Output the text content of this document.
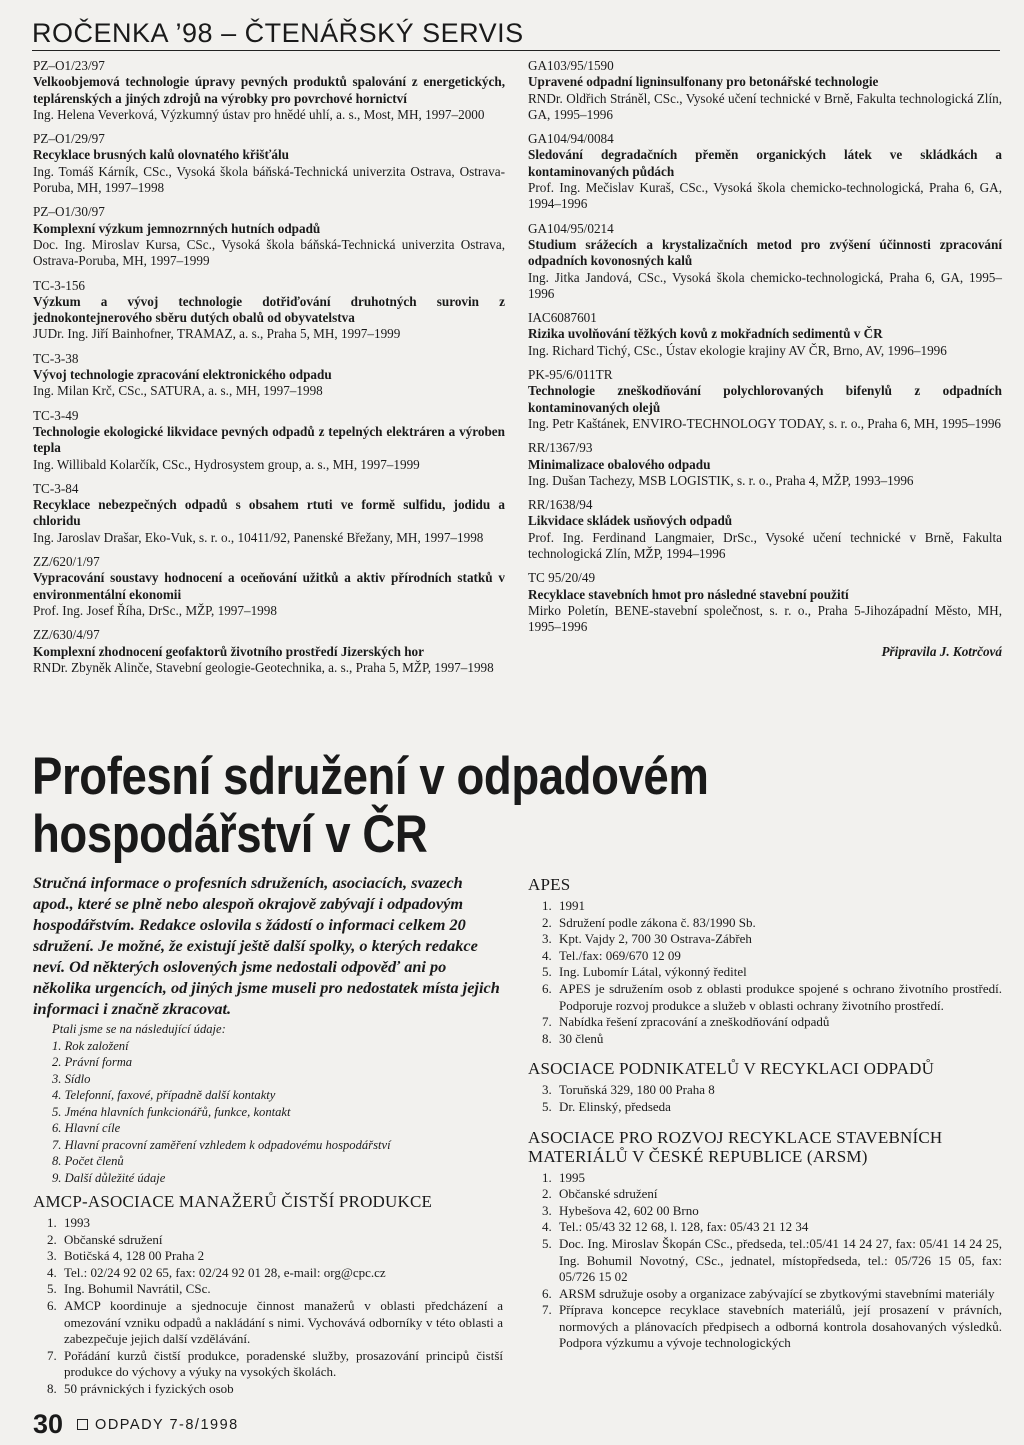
ROČENKA ’98 – ČTENÁŘSKÝ SERVIS
PZ–O1/23/97
Velkoobjemová technologie úpravy pevných produktů spalování z energetických, teplárenských a jiných zdrojů na výrobky pro povrchové hornictví
Ing. Helena Veverková, Výzkumný ústav pro hnědé uhlí, a. s., Most, MH, 1997–2000
PZ–O1/29/97
Recyklace brusných kalů olovnatého křišťálu
Ing. Tomáš Kárník, CSc., Vysoká škola báňská-Technická univerzita Ostrava, Ostrava-Poruba, MH, 1997–1998
PZ–O1/30/97
Komplexní výzkum jemnozrnných hutních odpadů
Doc. Ing. Miroslav Kursa, CSc., Vysoká škola báňská-Technická univerzita Ostrava, Ostrava-Poruba, MH, 1997–1999
TC-3-156
Výzkum a vývoj technologie dotřiďování druhotných surovin z jednokontejnerového sběru dutých obalů od obyvatelstva
JUDr. Ing. Jiří Bainhofner, TRAMAZ, a. s., Praha 5, MH, 1997–1999
TC-3-38
Vývoj technologie zpracování elektronického odpadu
Ing. Milan Krč, CSc., SATURA, a. s., MH, 1997–1998
TC-3-49
Technologie ekologické likvidace pevných odpadů z tepelných elektráren a výroben tepla
Ing. Willibald Kolarčík, CSc., Hydrosystem group, a. s., MH, 1997–1999
TC-3-84
Recyklace nebezpečných odpadů s obsahem rtuti ve formě sulfidu, jodidu a chloridu
Ing. Jaroslav Drašar, Eko-Vuk, s. r. o., 10411/92, Panenské Břežany, MH, 1997–1998
ZZ/620/1/97
Vypracování soustavy hodnocení a oceňování užitků a aktiv přírodních statků v environmentální ekonomii
Prof. Ing. Josef Říha, DrSc., MŽP, 1997–1998
ZZ/630/4/97
Komplexní zhodnocení geofaktorů životního prostředí Jizerských hor
RNDr. Zbyněk Alinče, Stavební geologie-Geotechnika, a. s., Praha 5, MŽP, 1997–1998
GA103/95/1590
Upravené odpadní ligninsulfonany pro betonářské technologie
RNDr. Oldřich Stráněl, CSc., Vysoké učení technické v Brně, Fakulta technologická Zlín, GA, 1995–1996
GA104/94/0084
Sledování degradačních přeměn organických látek ve skládkách a kontaminovaných půdách
Prof. Ing. Mečislav Kuraš, CSc., Vysoká škola chemicko-technologická, Praha 6, GA, 1994–1996
GA104/95/0214
Studium srážecích a krystalizačních metod pro zvýšení účinnosti zpracování odpadních kovonosných kalů
Ing. Jitka Jandová, CSc., Vysoká škola chemicko-technologická, Praha 6, GA, 1995–1996
IAC6087601
Rizika uvolňování těžkých kovů z mokřadních sedimentů v ČR
Ing. Richard Tichý, CSc., Ústav ekologie krajiny AV ČR, Brno, AV, 1996–1996
PK-95/6/011TR
Technologie zneškodňování polychlorovaných bifenylů z odpadních kontaminovaných olejů
Ing. Petr Kaštánek, ENVIRO-TECHNOLOGY TODAY, s. r. o., Praha 6, MH, 1995–1996
RR/1367/93
Minimalizace obalového odpadu
Ing. Dušan Tachezy, MSB LOGISTIK, s. r. o., Praha 4, MŽP, 1993–1996
RR/1638/94
Likvidace skládek usňových odpadů
Prof. Ing. Ferdinand Langmaier, DrSc., Vysoké učení technické v Brně, Fakulta technologická Zlín, MŽP, 1994–1996
TC 95/20/49
Recyklace stavebních hmot pro následné stavební použití
Mirko Poletín, BENE-stavební společnost, s. r. o., Praha 5-Jihozápadní Město, MH, 1995–1996
Připravila J. Kotrčová
Profesní sdružení v odpadovém
hospodářství v ČR
Stručná informace o profesních sdruženích, asociacích, svazech apod., které se plně nebo alespoň okrajově zabývají i odpadovým hospodářstvím. Redakce oslovila s žádostí o informaci celkem 20 sdružení. Je možné, že existují ještě další spolky, o kterých redakce neví. Od některých oslovených jsme nedostali odpověď ani po několika urgencích, od jiných jsme museli pro nedostatek místa jejich informaci i značně zkracovat.
Ptali jsme se na následující údaje:
1. Rok založení
2. Právní forma
3. Sídlo
4. Telefonní, faxové, případně další kontakty
5. Jména hlavních funkcionářů, funkce, kontakt
6. Hlavní cíle
7. Hlavní pracovní zaměření vzhledem k odpadovému hospodářství
8. Počet členů
9. Další důležité údaje
AMCP-ASOCIACE MANAŽERŮ ČISTŠÍ PRODUKCE
1. 1993
2. Občanské sdružení
3. Botičská 4, 128 00 Praha 2
4. Tel.: 02/24 92 02 65, fax: 02/24 92 01 28, e-mail: org@cpc.cz
5. Ing. Bohumil Navrátil, CSc.
6. AMCP koordinuje a sjednocuje činnost manažerů v oblasti předcházení a omezování vzniku odpadů a nakládání s nimi. Vychovává odborníky v této oblasti a zabezpečuje jejich další vzdělávání.
7. Pořádání kurzů čistší produkce, poradenské služby, prosazování principů čistší produkce do výchovy a výuky na vysokých školách.
8. 50 právnických i fyzických osob
APES
1. 1991
2. Sdružení podle zákona č. 83/1990 Sb.
3. Kpt. Vajdy 2, 700 30 Ostrava-Zábřeh
4. Tel./fax: 069/670 12 09
5. Ing. Lubomír Látal, výkonný ředitel
6. APES je sdružením osob z oblasti produkce spojené s ochrano životního prostředí. Podporuje rozvoj produkce a služeb v oblasti ochrany životního prostředí.
7. Nabídka řešení zpracování a zneškodňování odpadů
8. 30 členů
ASOCIACE PODNIKATELŮ V RECYKLACI ODPADŮ
3. Toruňská 329, 180 00 Praha 8
5. Dr. Elinský, předseda
ASOCIACE PRO ROZVOJ RECYKLACE STAVEBNÍCH MATERIÁLŮ V ČESKÉ REPUBLICE (ARSM)
1. 1995
2. Občanské sdružení
3. Hybešova 42, 602 00 Brno
4. Tel.: 05/43 32 12 68, l. 128, fax: 05/43 21 12 34
5. Doc. Ing. Miroslav Škopán CSc., předseda, tel.:05/41 14 24 27, fax: 05/41 14 24 25, Ing. Bohumil Novotný, CSc., jednatel, místopředseda, tel.: 05/726 15 05, fax: 05/726 15 02
6. ARSM sdružuje osoby a organizace zabývající se zbytkovými stavebními materiály
7. Příprava koncepce recyklace stavebních materiálů, její prosazení v právních, normových a plánovacích předpisech a odborná kontrola dosahovaných výsledků. Podpora výzkumu a vývoje technologických
30 ODPADY 7-8/1998
